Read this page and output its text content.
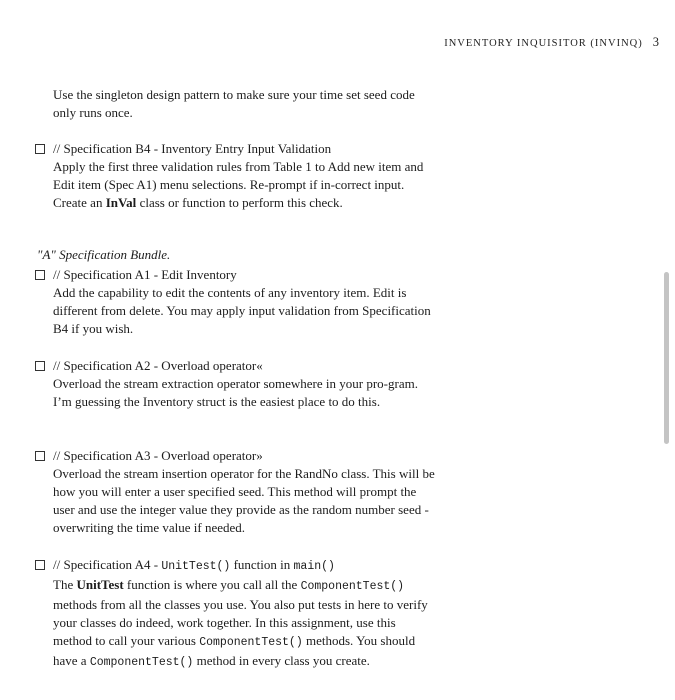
INVENTORY INQUISITOR (INVINQ) 3
Use the singleton design pattern to make sure your time set seed code only runs once.
// Specification B4 - Inventory Entry Input Validation
Apply the first three validation rules from Table 1 to Add new item and Edit item (Spec A1) menu selections. Re-prompt if in-correct input. Create an InVal class or function to perform this check.
"A" Specification Bundle.
// Specification A1 - Edit Inventory
Add the capability to edit the contents of any inventory item. Edit is different from delete. You may apply input validation from Specification B4 if you wish.
// Specification A2 - Overload operator«
Overload the stream extraction operator somewhere in your pro-gram. I’m guessing the Inventory struct is the easiest place to do this.
// Specification A3 - Overload operator»
Overload the stream insertion operator for the RandNo class. This will be how you will enter a user specified seed. This method will prompt the user and use the integer value they provide as the random number seed - overwriting the time value if needed.
// Specification A4 - UnitTest() function in main()
The UnitTest function is where you call all the ComponentTest() methods from all the classes you use. You also put tests in here to verify your classes do indeed, work together. In this assignment, use this method to call your various ComponentTest() methods. You should have a ComponentTest() method in every class you create.
